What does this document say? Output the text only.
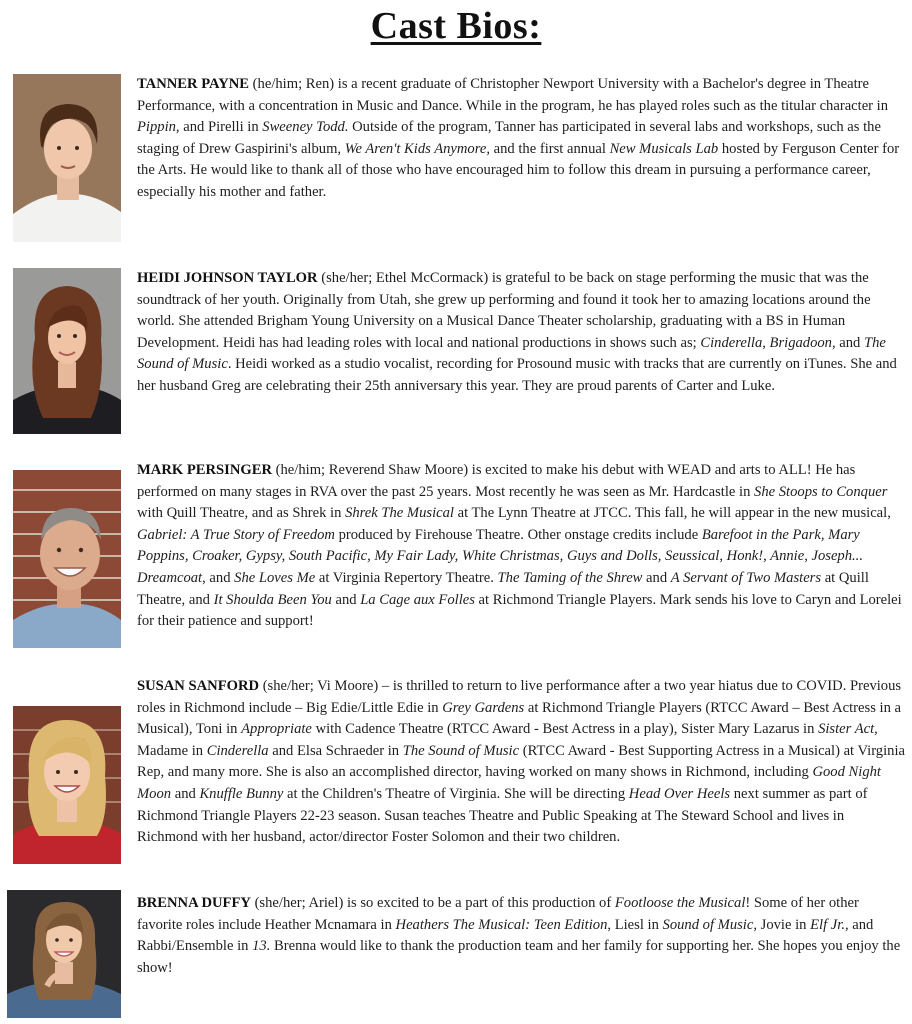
Cast Bios:
TANNER PAYNE (he/him; Ren) is a recent graduate of Christopher Newport University with a Bachelor's degree in Theatre Performance, with a concentration in Music and Dance. While in the program, he has played roles such as the titular character in Pippin, and Pirelli in Sweeney Todd. Outside of the program, Tanner has participated in several labs and workshops, such as the staging of Drew Gaspirini's album, We Aren't Kids Anymore, and the first annual New Musicals Lab hosted by Ferguson Center for the Arts. He would like to thank all of those who have encouraged him to follow this dream in pursuing a performance career, especially his mother and father.
HEIDI JOHNSON TAYLOR (she/her; Ethel McCormack) is grateful to be back on stage performing the music that was the soundtrack of her youth. Originally from Utah, she grew up performing and found it took her to amazing locations around the world. She attended Brigham Young University on a Musical Dance Theater scholarship, graduating with a BS in Human Development. Heidi has had leading roles with local and national productions in shows such as; Cinderella, Brigadoon, and The Sound of Music. Heidi worked as a studio vocalist, recording for Prosound music with tracks that are currently on iTunes. She and her husband Greg are celebrating their 25th anniversary this year. They are proud parents of Carter and Luke.
MARK PERSINGER (he/him; Reverend Shaw Moore) is excited to make his debut with WEAD and arts to ALL! He has performed on many stages in RVA over the past 25 years. Most recently he was seen as Mr. Hardcastle in She Stoops to Conquer with Quill Theatre, and as Shrek in Shrek The Musical at The Lynn Theatre at JTCC. This fall, he will appear in the new musical, Gabriel: A True Story of Freedom produced by Firehouse Theatre. Other onstage credits include Barefoot in the Park, Mary Poppins, Croaker, Gypsy, South Pacific, My Fair Lady, White Christmas, Guys and Dolls, Seussical, Honk!, Annie, Joseph... Dreamcoat, and She Loves Me at Virginia Repertory Theatre. The Taming of the Shrew and A Servant of Two Masters at Quill Theatre, and It Shoulda Been You and La Cage aux Folles at Richmond Triangle Players. Mark sends his love to Caryn and Lorelei for their patience and support!
SUSAN SANFORD (she/her; Vi Moore) – is thrilled to return to live performance after a two year hiatus due to COVID. Previous roles in Richmond include – Big Edie/Little Edie in Grey Gardens at Richmond Triangle Players (RTCC Award – Best Actress in a Musical), Toni in Appropriate with Cadence Theatre (RTCC Award - Best Actress in a play), Sister Mary Lazarus in Sister Act, Madame in Cinderella and Elsa Schraeder in The Sound of Music (RTCC Award - Best Supporting Actress in a Musical) at Virginia Rep, and many more. She is also an accomplished director, having worked on many shows in Richmond, including Good Night Moon and Knuffle Bunny at the Children's Theatre of Virginia. She will be directing Head Over Heels next summer as part of Richmond Triangle Players 22-23 season. Susan teaches Theatre and Public Speaking at The Steward School and lives in Richmond with her husband, actor/director Foster Solomon and their two children.
BRENNA DUFFY (she/her; Ariel) is so excited to be a part of this production of Footloose the Musical! Some of her other favorite roles include Heather Mcnamara in Heathers The Musical: Teen Edition, Liesl in Sound of Music, Jovie in Elf Jr., and Rabbi/Ensemble in 13. Brenna would like to thank the production team and her family for supporting her. She hopes you enjoy the show!
